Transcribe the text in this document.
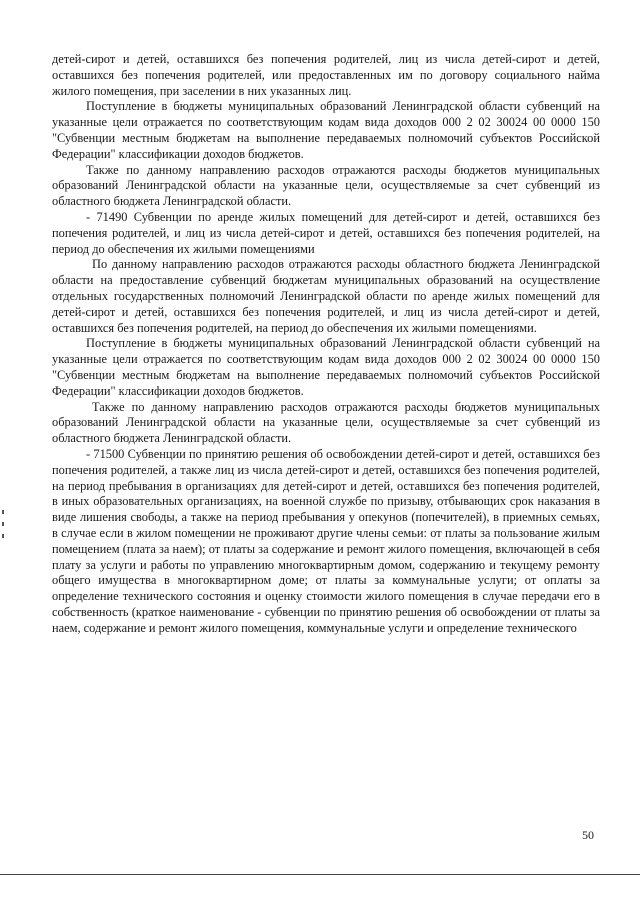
детей-сирот и детей, оставшихся без попечения родителей, лиц из числа детей-сирот и детей, оставшихся без попечения родителей, или предоставленных им по договору социального найма жилого помещения, при заселении в них указанных лиц.

Поступление в бюджеты муниципальных образований Ленинградской области субвенций на указанные цели отражается по соответствующим кодам вида доходов 000 2 02 30024 00 0000 150 "Субвенции местным бюджетам на выполнение передаваемых полномочий субъектов Российской Федерации" классификации доходов бюджетов.

Также по данному направлению расходов отражаются расходы бюджетов муниципальных образований Ленинградской области на указанные цели, осуществляемые за счет субвенций из областного бюджета Ленинградской области.

- 71490 Субвенции по аренде жилых помещений для детей-сирот и детей, оставшихся без попечения родителей, и лиц из числа детей-сирот и детей, оставшихся без попечения родителей, на период до обеспечения их жилыми помещениями

По данному направлению расходов отражаются расходы областного бюджета Ленинградской области на предоставление субвенций бюджетам муниципальных образований на осуществление отдельных государственных полномочий Ленинградской области по аренде жилых помещений для детей-сирот и детей, оставшихся без попечения родителей, и лиц из числа детей-сирот и детей, оставшихся без попечения родителей, на период до обеспечения их жилыми помещениями.

Поступление в бюджеты муниципальных образований Ленинградской области субвенций на указанные цели отражается по соответствующим кодам вида доходов 000 2 02 30024 00 0000 150 "Субвенции местным бюджетам на выполнение передаваемых полномочий субъектов Российской Федерации" классификации доходов бюджетов.

Также по данному направлению расходов отражаются расходы бюджетов муниципальных образований Ленинградской области на указанные цели, осуществляемые за счет субвенций из областного бюджета Ленинградской области.

- 71500 Субвенции по принятию решения об освобождении детей-сирот и детей, оставшихся без попечения родителей, а также лиц из числа детей-сирот и детей, оставшихся без попечения родителей, на период пребывания в организациях для детей-сирот и детей, оставшихся без попечения родителей, в иных образовательных организациях, на военной службе по призыву, отбывающих срок наказания в виде лишения свободы, а также на период пребывания у опекунов (попечителей), в приемных семьях, в случае если в жилом помещении не проживают другие члены семьи: от платы за пользование жилым помещением (плата за наем); от платы за содержание и ремонт жилого помещения, включающей в себя плату за услуги и работы по управлению многоквартирным домом, содержанию и текущему ремонту общего имущества в многоквартирном доме; от платы за коммунальные услуги; от оплаты за определение технического состояния и оценку стоимости жилого помещения в случае передачи его в собственность (краткое наименование - субвенции по принятию решения об освобождении от платы за наем, содержание и ремонт жилого помещения, коммунальные услуги и определение технического

50
